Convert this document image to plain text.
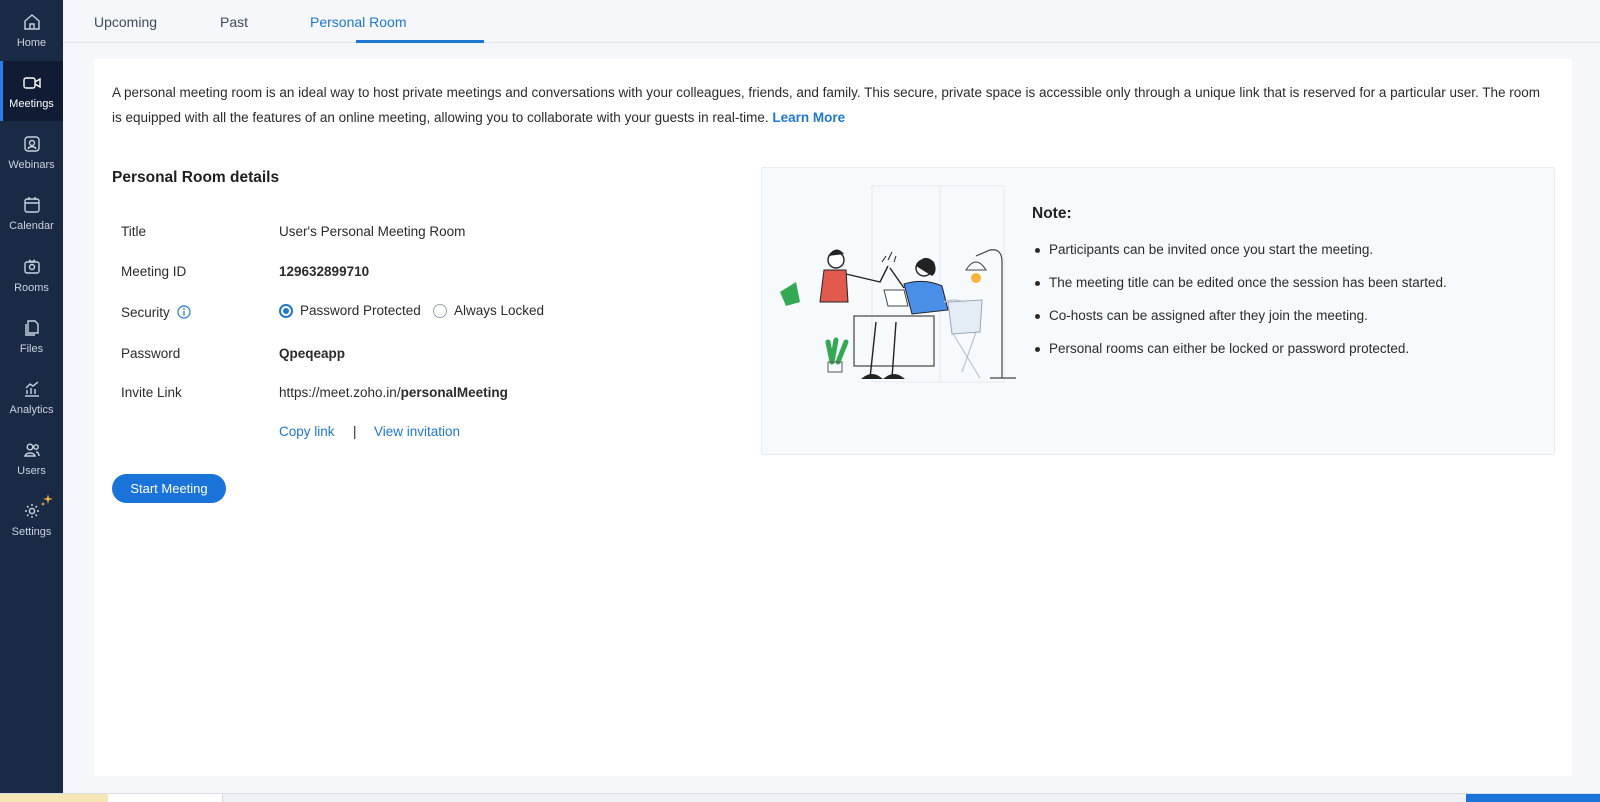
Home
Meetings
Webinars
Calendar
Rooms
Files
Analytics
Users
Settings
Upcoming	Past	Personal Room

A personal meeting room is an ideal way to host private meetings and conversations with your colleagues, friends, and family. This secure, private space is accessible only through a unique link that is reserved for a particular user. The room is equipped with all the features of an online meeting, allowing you to collaborate with your guests in real-time. Learn More

Personal Room details
Title	User's Personal Meeting Room
Meeting ID	129632899710
Security	Password Protected Always Locked
Password	Qpeqeapp
Invite Link	https://meet.zoho.in/personalMeeting
Copy link | View invitation
Start Meeting
Note:
Participants can be invited once you start the meeting.
The meeting title can be edited once the session has been started.
Co-hosts can be assigned after they join the meeting.
Personal rooms can either be locked or password protected.
